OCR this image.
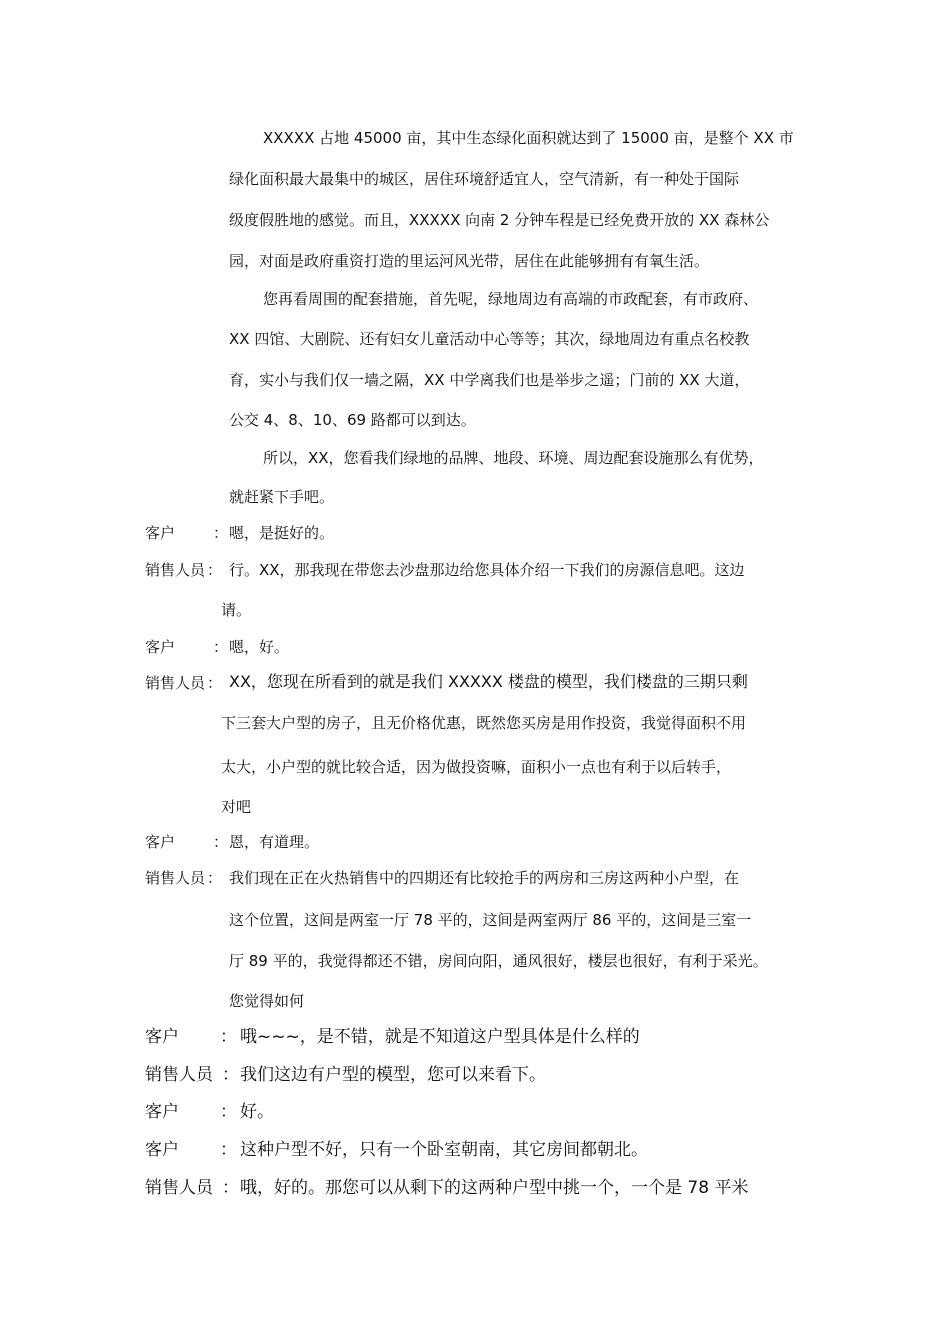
XXXXX 占地 45000 亩，其中生态绿化面积就达到了 15000 亩，是整个 XX 市
绿化面积最大最集中的城区，居住环境舒适宜人，空气清新，有一种处于国际
级度假胜地的感觉。而且，XXXXX 向南 2 分钟车程是已经免费开放的 XX 森林公
园，对面是政府重资打造的里运河风光带，居住在此能够拥有有氧生活。
您再看周围的配套措施，首先呢，绿地周边有高端的市政配套，有市政府、
XX 四馆、大剧院、还有妇女儿童活动中心等等；其次，绿地周边有重点名校教
育，实小与我们仅一墙之隔，XX 中学离我们也是举步之遥；门前的 XX 大道，
公交 4、8、10、69 路都可以到达。
所以，XX，您看我们绿地的品牌、地段、环境、周边配套设施那么有优势，
就赶紧下手吧。
客户	： 嗯，是挺好的。
销售人员 ： 行。XX，那我现在带您去沙盘那边给您具体介绍一下我们的房源信息吧。这边
请。
客户	： 嗯，好。
销售人员 ： XX，您现在所看到的就是我们 XXXXX 楼盘的模型，我们楼盘的三期只剩
下三套大户型的房子，且无价格优惠，既然您买房是用作投资，我觉得面积不用
太大，小户型的就比较合适，因为做投资嘛，面积小一点也有利于以后转手，
对吧
客户	： 恩，有道理。
销售人员 ： 我们现在正在火热销售中的四期还有比较抢手的两房和三房这两种小户型，在
这个位置，这间是两室一厅 78 平的，这间是两室两厅 86 平的，这间是三室一
厅 89 平的，我觉得都还不错，房间向阳，通风很好，楼层也很好，有利于采光。
您觉得如何
客户 ： 哦~~~，是不错，就是不知道这户型具体是什么样的
销售人员 ： 我们这边有户型的模型，您可以来看下。
客户 ： 好。
客户 ： 这种户型不好，只有一个卧室朝南，其它房间都朝北。
销售人员 ： 哦，好的。那您可以从剩下的这两种户型中挑一个，一个是 78 平米
